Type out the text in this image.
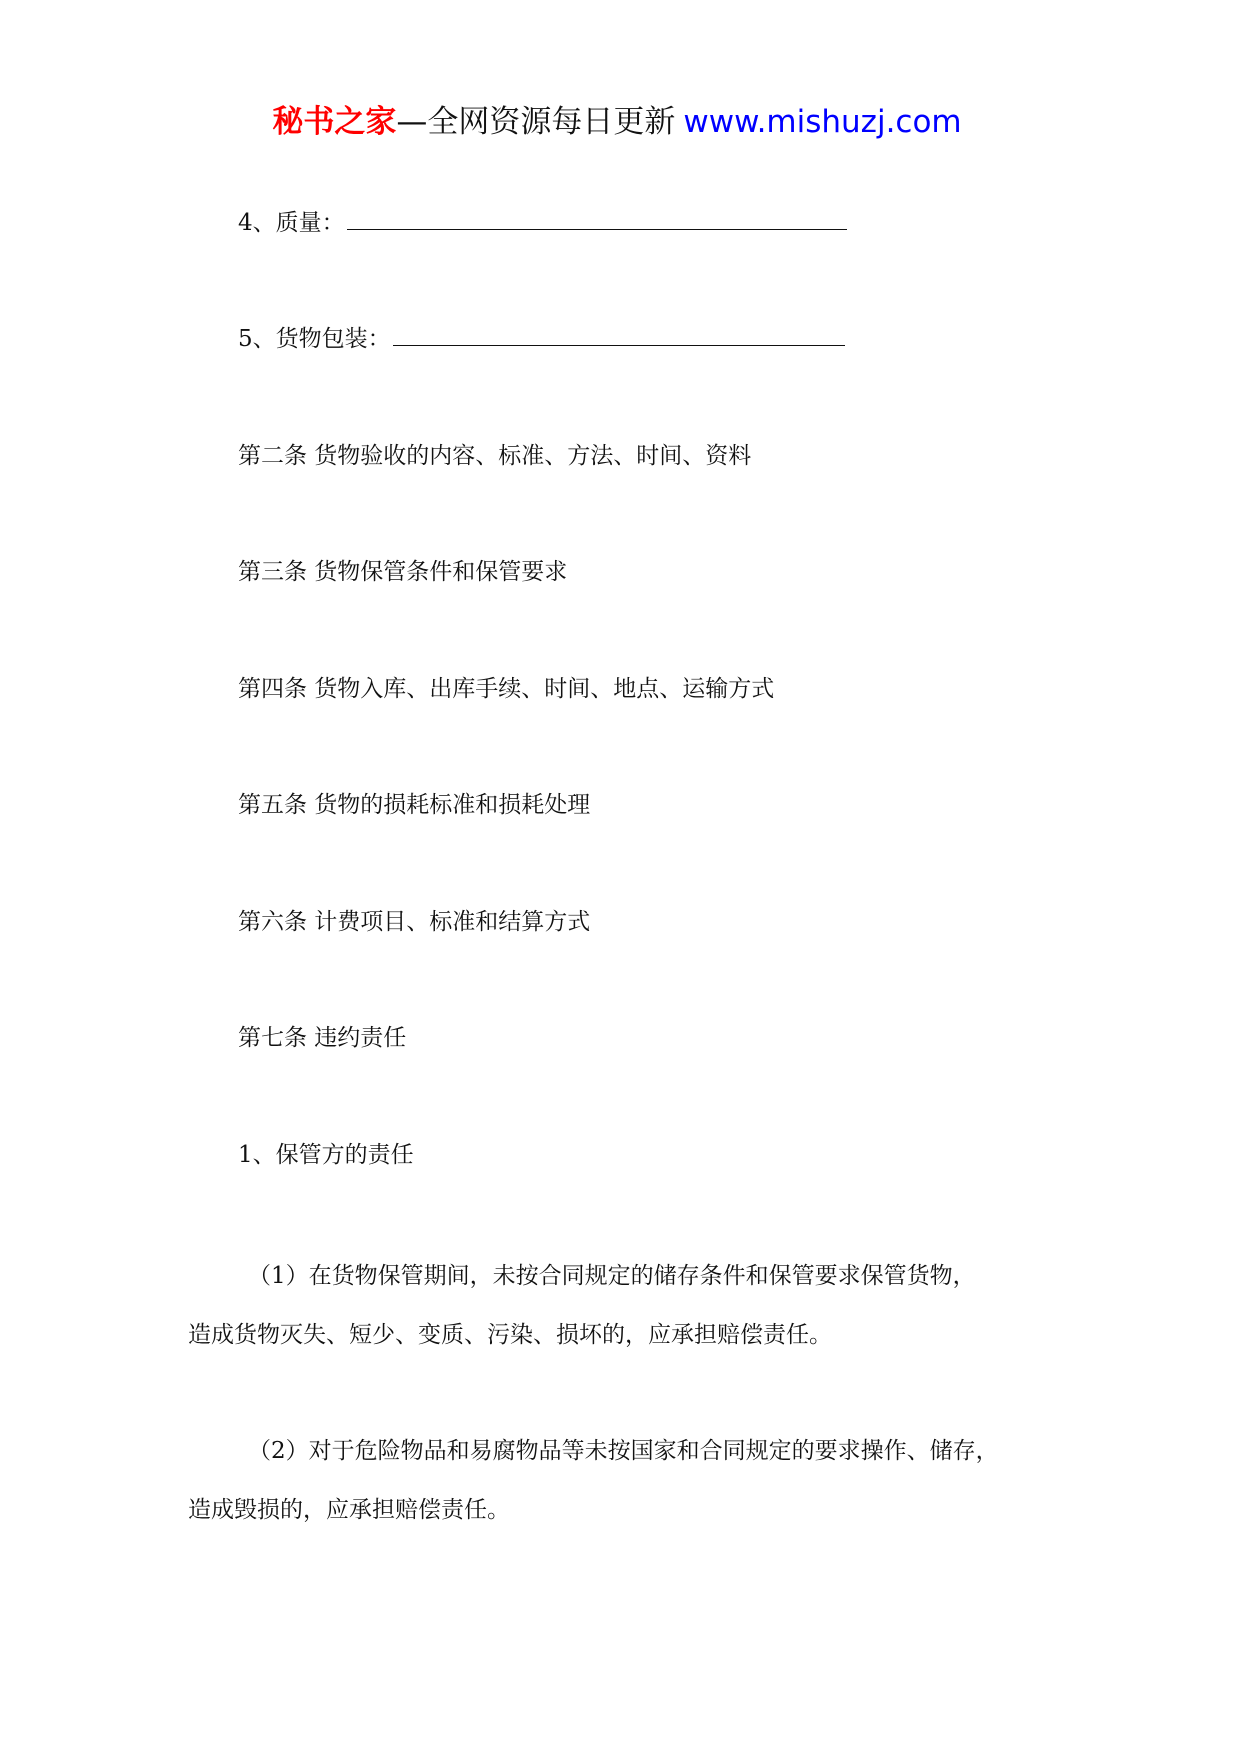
秘书之家—全网资源每日更新 www.mishuzj.com
4、质量：
5、货物包装：
第二条 货物验收的内容、标准、方法、时间、资料
第三条 货物保管条件和保管要求
第四条 货物入库、出库手续、时间、地点、运输方式
第五条 货物的损耗标准和损耗处理
第六条 计费项目、标准和结算方式
第七条 违约责任
1、保管方的责任
（1）在货物保管期间，未按合同规定的储存条件和保管要求保管货物，
造成货物灭失、短少、变质、污染、损坏的，应承担赔偿责任。
（2）对于危险物品和易腐物品等未按国家和合同规定的要求操作、储存，
造成毁损的，应承担赔偿责任。
